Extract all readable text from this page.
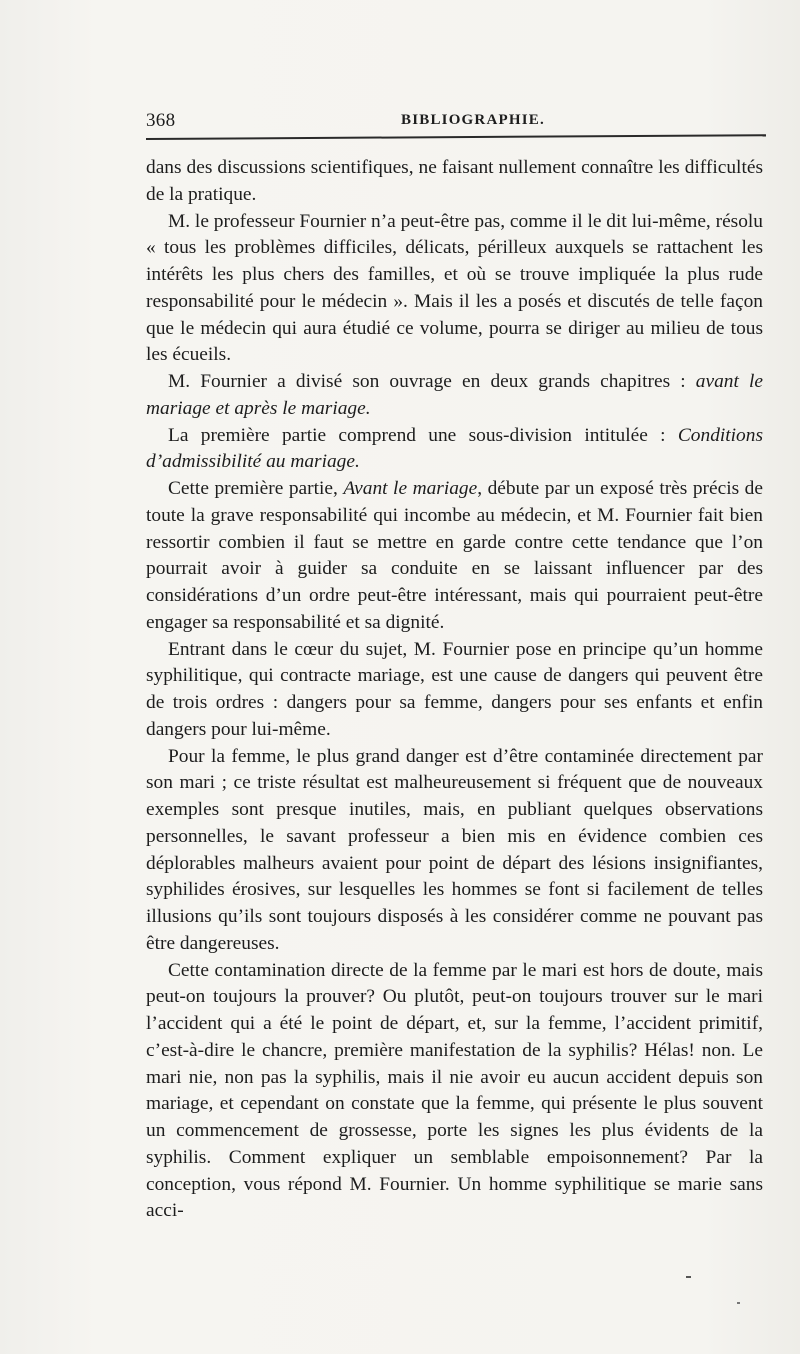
368	BIBLIOGRAPHIE.

dans des discussions scientifiques, ne faisant nullement connaître les difficultés de la pratique.

M. le professeur Fournier n’a peut-être pas, comme il le dit lui-même, résolu « tous les problèmes difficiles, délicats, périlleux auxquels se rattachent les intérêts les plus chers des familles, et où se trouve impliquée la plus rude responsabilité pour le médecin ». Mais il les a posés et discutés de telle façon que le médecin qui aura étudié ce volume, pourra se diriger au milieu de tous les écueils.

M. Fournier a divisé son ouvrage en deux grands chapitres : avant le mariage et après le mariage.

La première partie comprend une sous-division intitulée : Conditions d’admissibilité au mariage.

Cette première partie, Avant le mariage, débute par un exposé très précis de toute la grave responsabilité qui incombe au médecin, et M. Fournier fait bien ressortir combien il faut se mettre en garde contre cette tendance que l’on pourrait avoir à guider sa conduite en se laissant influencer par des considérations d’un ordre peut-être intéressant, mais qui pourraient peut-être engager sa responsabilité et sa dignité.

Entrant dans le cœur du sujet, M. Fournier pose en principe qu’un homme syphilitique, qui contracte mariage, est une cause de dangers qui peuvent être de trois ordres : dangers pour sa femme, dangers pour ses enfants et enfin dangers pour lui-même.

Pour la femme, le plus grand danger est d’être contaminée directement par son mari ; ce triste résultat est malheureusement si fréquent que de nouveaux exemples sont presque inutiles, mais, en publiant quelques observations personnelles, le savant professeur a bien mis en évidence combien ces déplorables malheurs avaient pour point de départ des lésions insignifiantes, syphilides érosives, sur lesquelles les hommes se font si facilement de telles illusions qu’ils sont toujours disposés à les considérer comme ne pouvant pas être dangereuses.

Cette contamination directe de la femme par le mari est hors de doute, mais peut-on toujours la prouver? Ou plutôt, peut-on toujours trouver sur le mari l’accident qui a été le point de départ, et, sur la femme, l’accident primitif, c’est-à-dire le chancre, première manifestation de la syphilis? Hélas! non. Le mari nie, non pas la syphilis, mais il nie avoir eu aucun accident depuis son mariage, et cependant on constate que la femme, qui présente le plus souvent un commencement de grossesse, porte les signes les plus évidents de la syphilis. Comment expliquer un semblable empoisonnement? Par la conception, vous répond M. Fournier. Un homme syphilitique se marie sans acci-
